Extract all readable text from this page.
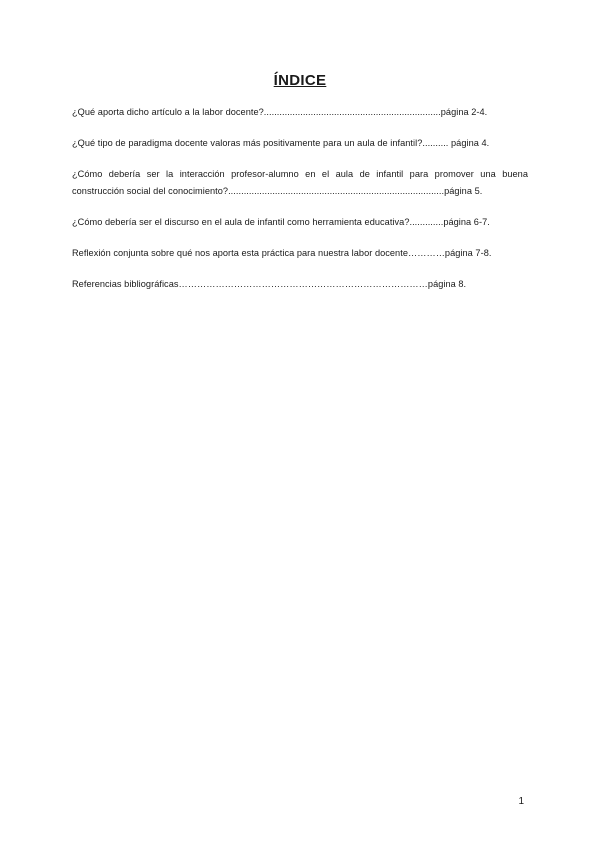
ÍNDICE
¿Qué aporta dicho artículo a la labor docente?....................................................................página 2-4.
¿Qué tipo de paradigma docente valoras más positivamente para un aula de infantil?.......... página 4.
¿Cómo debería ser la interacción profesor-alumno en el aula de infantil para promover una buena construcción social del conocimiento?...................................................................................página 5.
¿Cómo debería ser el discurso en el aula de infantil como herramienta educativa?.............página 6-7.
Reflexión conjunta sobre qué nos aporta esta práctica para nuestra labor docente…………página 7-8.
Referencias bibliográficas………………………………………………………………………página 8.
1
